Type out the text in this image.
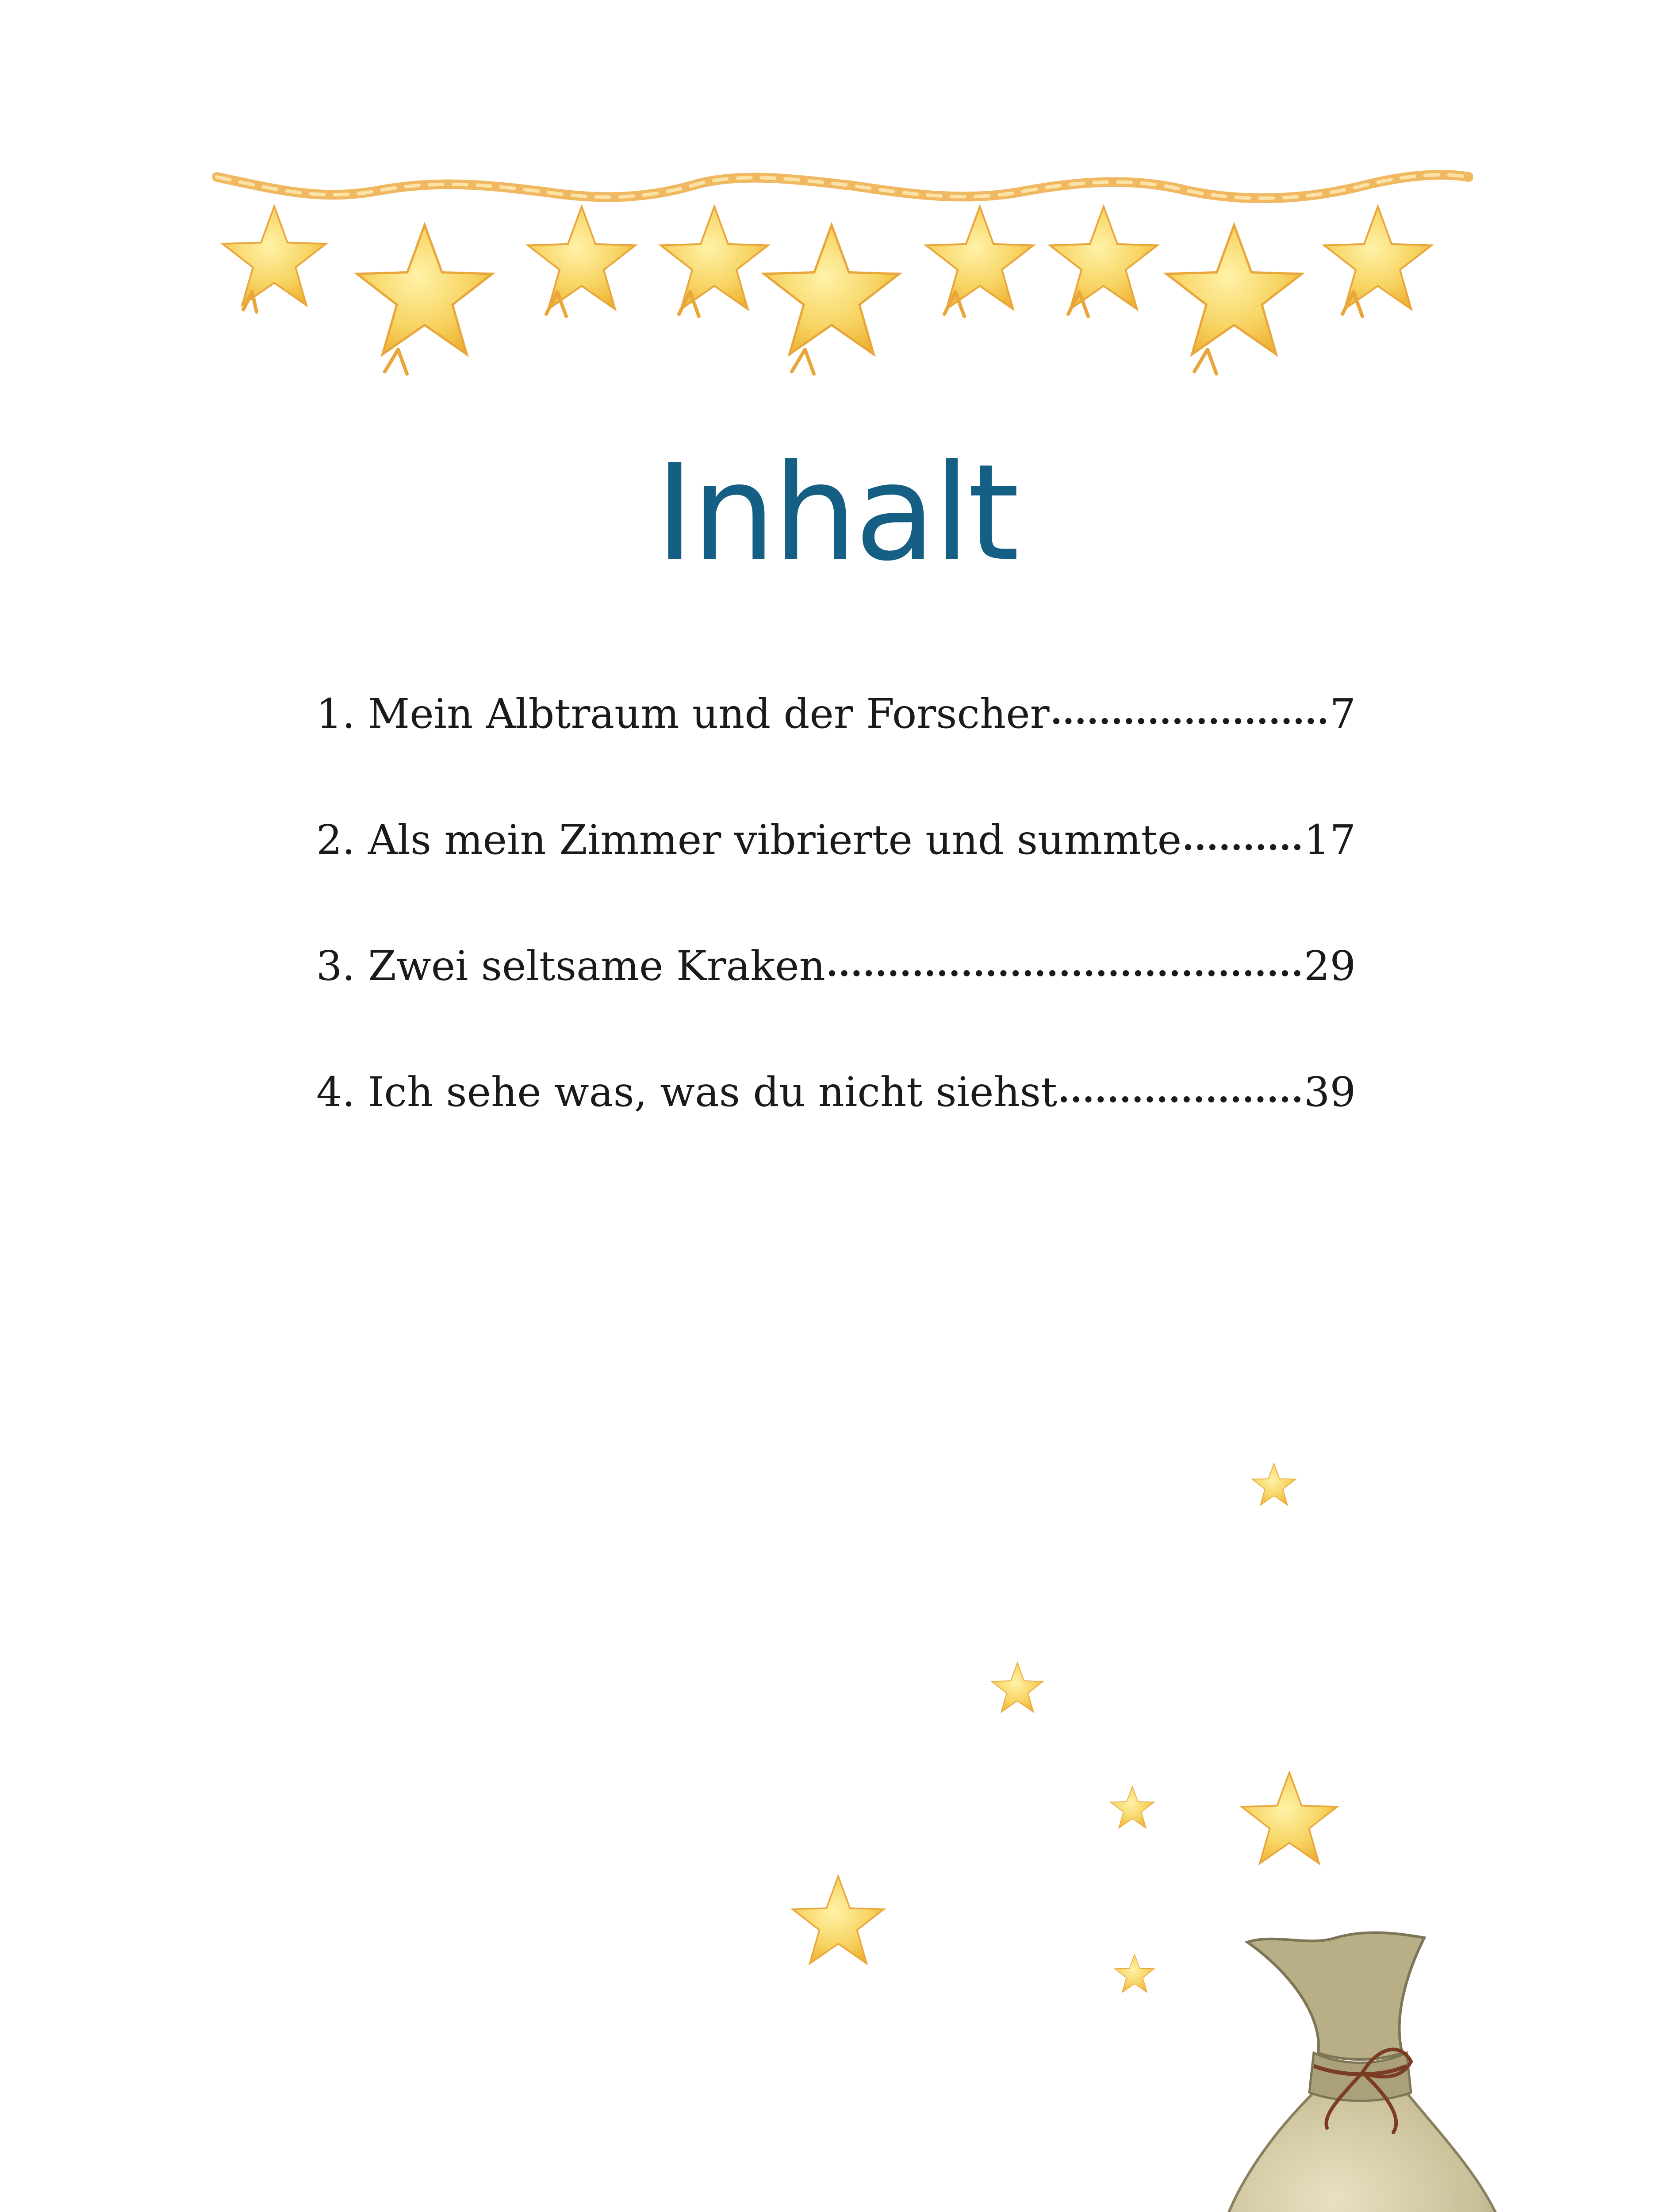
Inhalt
1. Mein Albtraum und der Forscher	7
2. Als mein Zimmer vibrierte und summte	17
3. Zwei seltsame Kraken	29
4. Ich sehe was, was du nicht siehst	39
